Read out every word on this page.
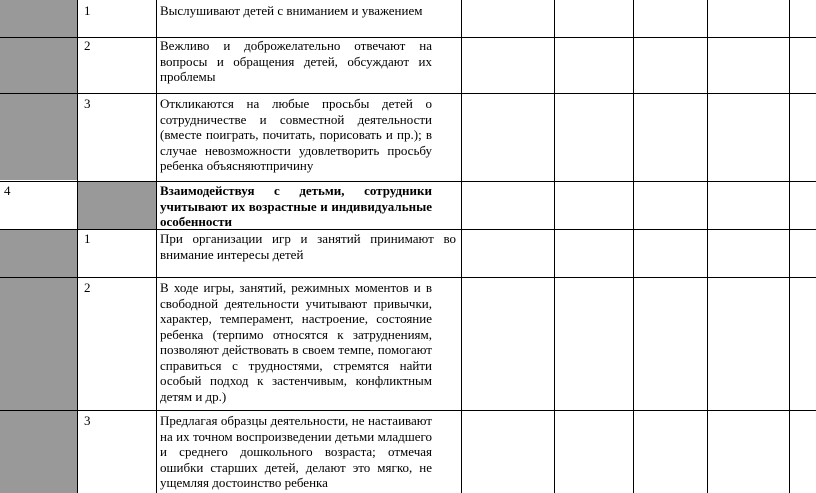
1
2
3
4
1
2
3
Выслушивают детей с вниманием и уважением
Вежливо и доброжелательно отвечают на вопросы и обращения детей, обсуждают их проблемы
Откликаются на любые просьбы детей о сотрудничестве и совместной деятельности (вместе поиграть, почитать, порисовать и пр.); в случае невозможности удовлетворить просьбу ребенка объясняютпричину
Взаимодействуя с детьми, сотрудники учитывают их возрастные и индивидуальные особенности
При организации игр и занятий принимают во внимание интересы детей
В ходе игры, занятий, режимных моментов и в свободной деятельности учитывают привычки, характер, темперамент, настроение, состояние ребенка (терпимо относятся к затруднениям, позволяют действовать в своем темпе, помогают справиться с трудностями, стремятся найти особый подход к застенчивым, конфликтным детям и др.)
Предлагая образцы деятельности, не настаивают на их точном воспроизведении детьми младшего и среднего дошкольного возраста; отмечая ошибки старших детей, делают это мягко, не ущемляя достоинство ребенка
